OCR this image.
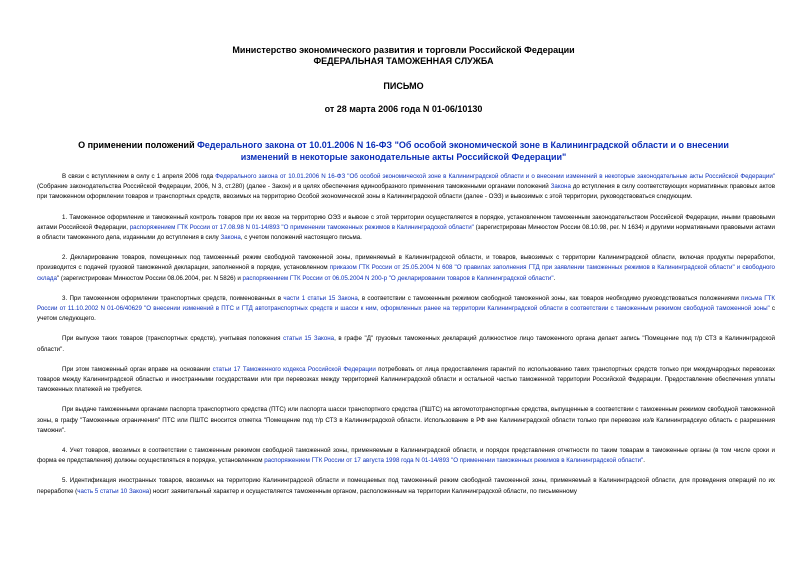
Министерство экономического развития и торговли Российской Федерации
ФЕДЕРАЛЬНАЯ ТАМОЖЕННАЯ СЛУЖБА
ПИСЬМО
от 28 марта 2006 года N 01-06/10130
О применении положений Федерального закона от 10.01.2006 N 16-ФЗ "Об особой экономической зоне в Калининградской области и о внесении изменений в некоторые законодательные акты Российской Федерации"
В связи с вступлением в силу с 1 апреля 2006 года Федерального закона от 10.01.2006 N 16-ФЗ "Об особой экономической зоне в Калининградской области и о внесении изменений в некоторые законодательные акты Российской Федерации" (Собрание законодательства Российской Федерации, 2006, N 3, ст.280) (далее - Закон) и в целях обеспечения единообразного применения таможенными органами положений Закона до вступления в силу соответствующих нормативных правовых актов при таможенном оформлении товаров и транспортных средств, ввозимых на территорию Особой экономической зоны в Калининградской области (далее - ОЭЗ) и вывозимых с этой территории, руководствоваться следующим.
1. Таможенное оформление и таможенный контроль товаров при их ввозе на территорию ОЭЗ и вывозе с этой территории осуществляется в порядке, установленном таможенным законодательством Российской Федерации, иными правовыми актами Российской Федерации, распоряжением ГТК России от 17.08.98 N 01-14/893 "О применении таможенных режимов в Калининградской области" (зарегистрирован Минюстом России 08.10.98, рег. N 1634) и другими нормативными правовыми актами в области таможенного дела, изданными до вступления в силу Закона, с учетом положений настоящего письма.
2. Декларирование товаров, помещенных под таможенный режим свободной таможенной зоны, применяемый в Калининградской области, и товаров, вывозимых с территории Калининградской области, включая продукты переработки, производится с подачей грузовой таможенной декларации, заполненной в порядке, установленном приказом ГТК России от 25.05.2004 N 608 "О правилах заполнения ГТД при заявлении таможенных режимов в Калининградской области" и свободного склада" (зарегистрирован Минюстом России 08.06.2004, рег. N 5826) и распоряжением ГТК России от 06.05.2004 N 200-р "О декларировании товаров в Калининградской области".
3. При таможенном оформлении транспортных средств, поименованных в части 1 статьи 15 Закона, в соответствии с таможенным режимом свободной таможенной зоны, как товаров необходимо руководствоваться положениями письма ГТК России от 11.10.2002 N 01-06/40629 "О внесении изменений в ПТС и ГТД автотранспортных средств и шасси к ним, оформленных ранее на территории Калининградской области в соответствии с таможенным режимом свободной таможенной зоны" с учетом следующего.
При выпуске таких товаров (транспортных средств), учитывая положения статьи 15 Закона, в графе "Д" грузовых таможенных деклараций должностное лицо таможенного органа делает запись "Помещение под т/р СТЗ в Калининградской области".
При этом таможенный орган вправе на основании статьи 17 Таможенного кодекса Российской Федерации потребовать от лица предоставления гарантий по использованию таких транспортных средств только при международных перевозках товаров между Калининградской областью и иностранными государствами или при перевозках между территорией Калининградской области и остальной частью таможенной территории Российской Федерации. Предоставление обеспечения уплаты таможенных платежей не требуется.
При выдаче таможенными органами паспорта транспортного средства (ПТС) или паспорта шасси транспортного средства (ПШТС) на автомототранспортные средства, выпущенные в соответствии с таможенным режимом свободной таможенной зоны, в графу "Таможенные ограничения" ПТС или ПШТС вносится отметка "Помещение под т/р СТЗ в Калининградской области. Использование в РФ вне Калининградской области только при перевозке из/в Калининградскую область с разрешения таможни".
4. Учет товаров, ввозимых в соответствии с таможенным режимом свободной таможенной зоны, применяемым в Калининградской области, и порядок представления отчетности по таким товарам в таможенные органы (в том числе сроки и форма ее представления) должны осуществляться в порядке, установленном распоряжением ГТК России от 17 августа 1998 года N 01-14/893 "О применении таможенных режимов в Калининградской области".
5. Идентификация иностранных товаров, ввозимых на территорию Калининградской области и помещаемых под таможенный режим свободной таможенной зоны, применяемый в Калининградской области, для проведения операций по их переработке (часть 5 статьи 10 Закона) носит заявительный характер и осуществляется таможенным органом, расположенным на территории Калининградской области, по письменному
